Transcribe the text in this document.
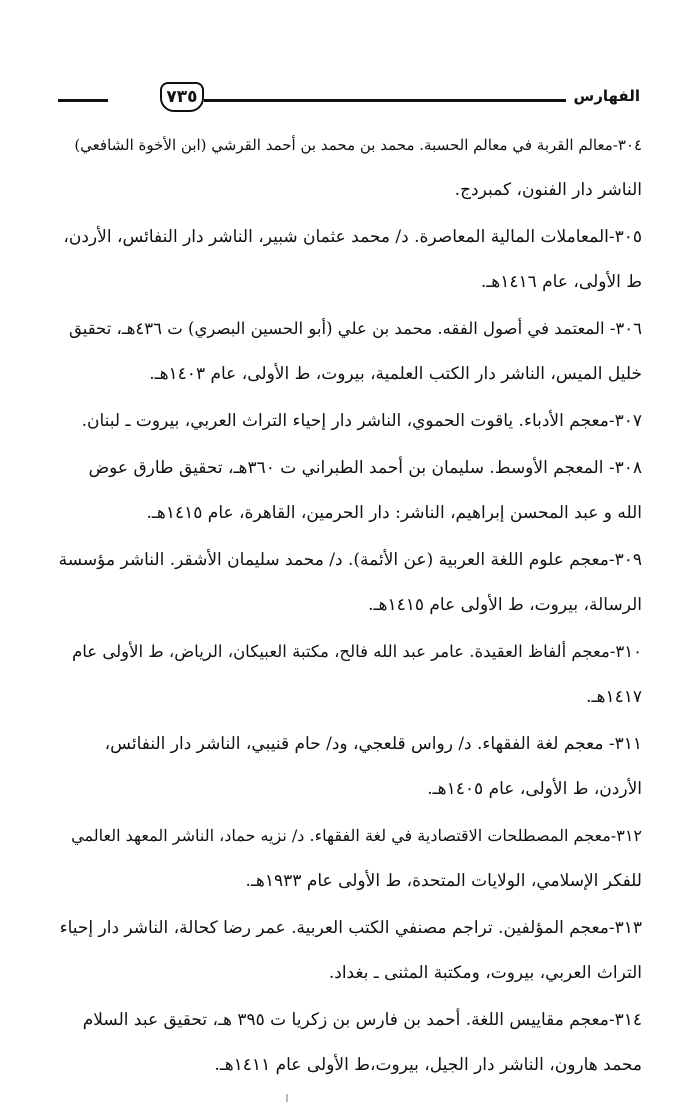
الفهارس
٧٣٥
٣٠٤-معالم القربة في معالم الحسبة. محمد بن محمد بن أحمد القرشي (ابن الأخوة الشافعي)
الناشر دار الفنون، كمبردج.
٣٠٥-المعاملات المالية المعاصرة. د/ محمد عثمان شبير، الناشر دار النفائس، الأردن،
ط الأولى، عام ١٤١٦هـ.
٣٠٦- المعتمد في أصول الفقه. محمد بن علي (أبو الحسين البصري) ت ٤٣٦هـ، تحقيق
خليل الميس، الناشر دار الكتب العلمية، بيروت، ط الأولى، عام ١٤٠٣هـ.
٣٠٧-معجم الأدباء. ياقوت الحموي، الناشر دار إحياء التراث العربي، بيروت ـ لبنان.
٣٠٨- المعجم الأوسط. سليمان بن أحمد الطبراني ت ٣٦٠هـ، تحقيق طارق عوض
الله و عبد المحسن إبراهيم، الناشر: دار الحرمين، القاهرة، عام ١٤١٥هـ.
٣٠٩-معجم علوم اللغة العربية (عن الأئمة). د/ محمد سليمان الأشقر. الناشر مؤسسة
الرسالة، بيروت، ط الأولى عام ١٤١٥هـ.
٣١٠-معجم ألفاظ العقيدة. عامر عبد الله فالح، مكتبة العبيكان، الرياض، ط الأولى عام
١٤١٧هـ.
٣١١- معجم لغة الفقهاء. د/ رواس قلعجي، ود/ حام قنيبي، الناشر دار النفائس،
الأردن، ط الأولى، عام ١٤٠٥هـ.
٣١٢-معجم المصطلحات الاقتصادية في لغة الفقهاء. د/ نزيه حماد، الناشر المعهد العالمي
للفكر الإسلامي، الولايات المتحدة، ط الأولى عام ١٩٣٣هـ.
٣١٣-معجم المؤلفين. تراجم مصنفي الكتب العربية. عمر رضا كحالة، الناشر دار إحياء
التراث العربي، بيروت، ومكتبة المثنى ـ بغداد.
٣١٤-معجم مقاييس اللغة. أحمد بن فارس بن زكريا ت ٣٩٥ هـ، تحقيق عبد السلام
محمد هارون، الناشر دار الجيل، بيروت،ط الأولى عام ١٤١١هـ.
